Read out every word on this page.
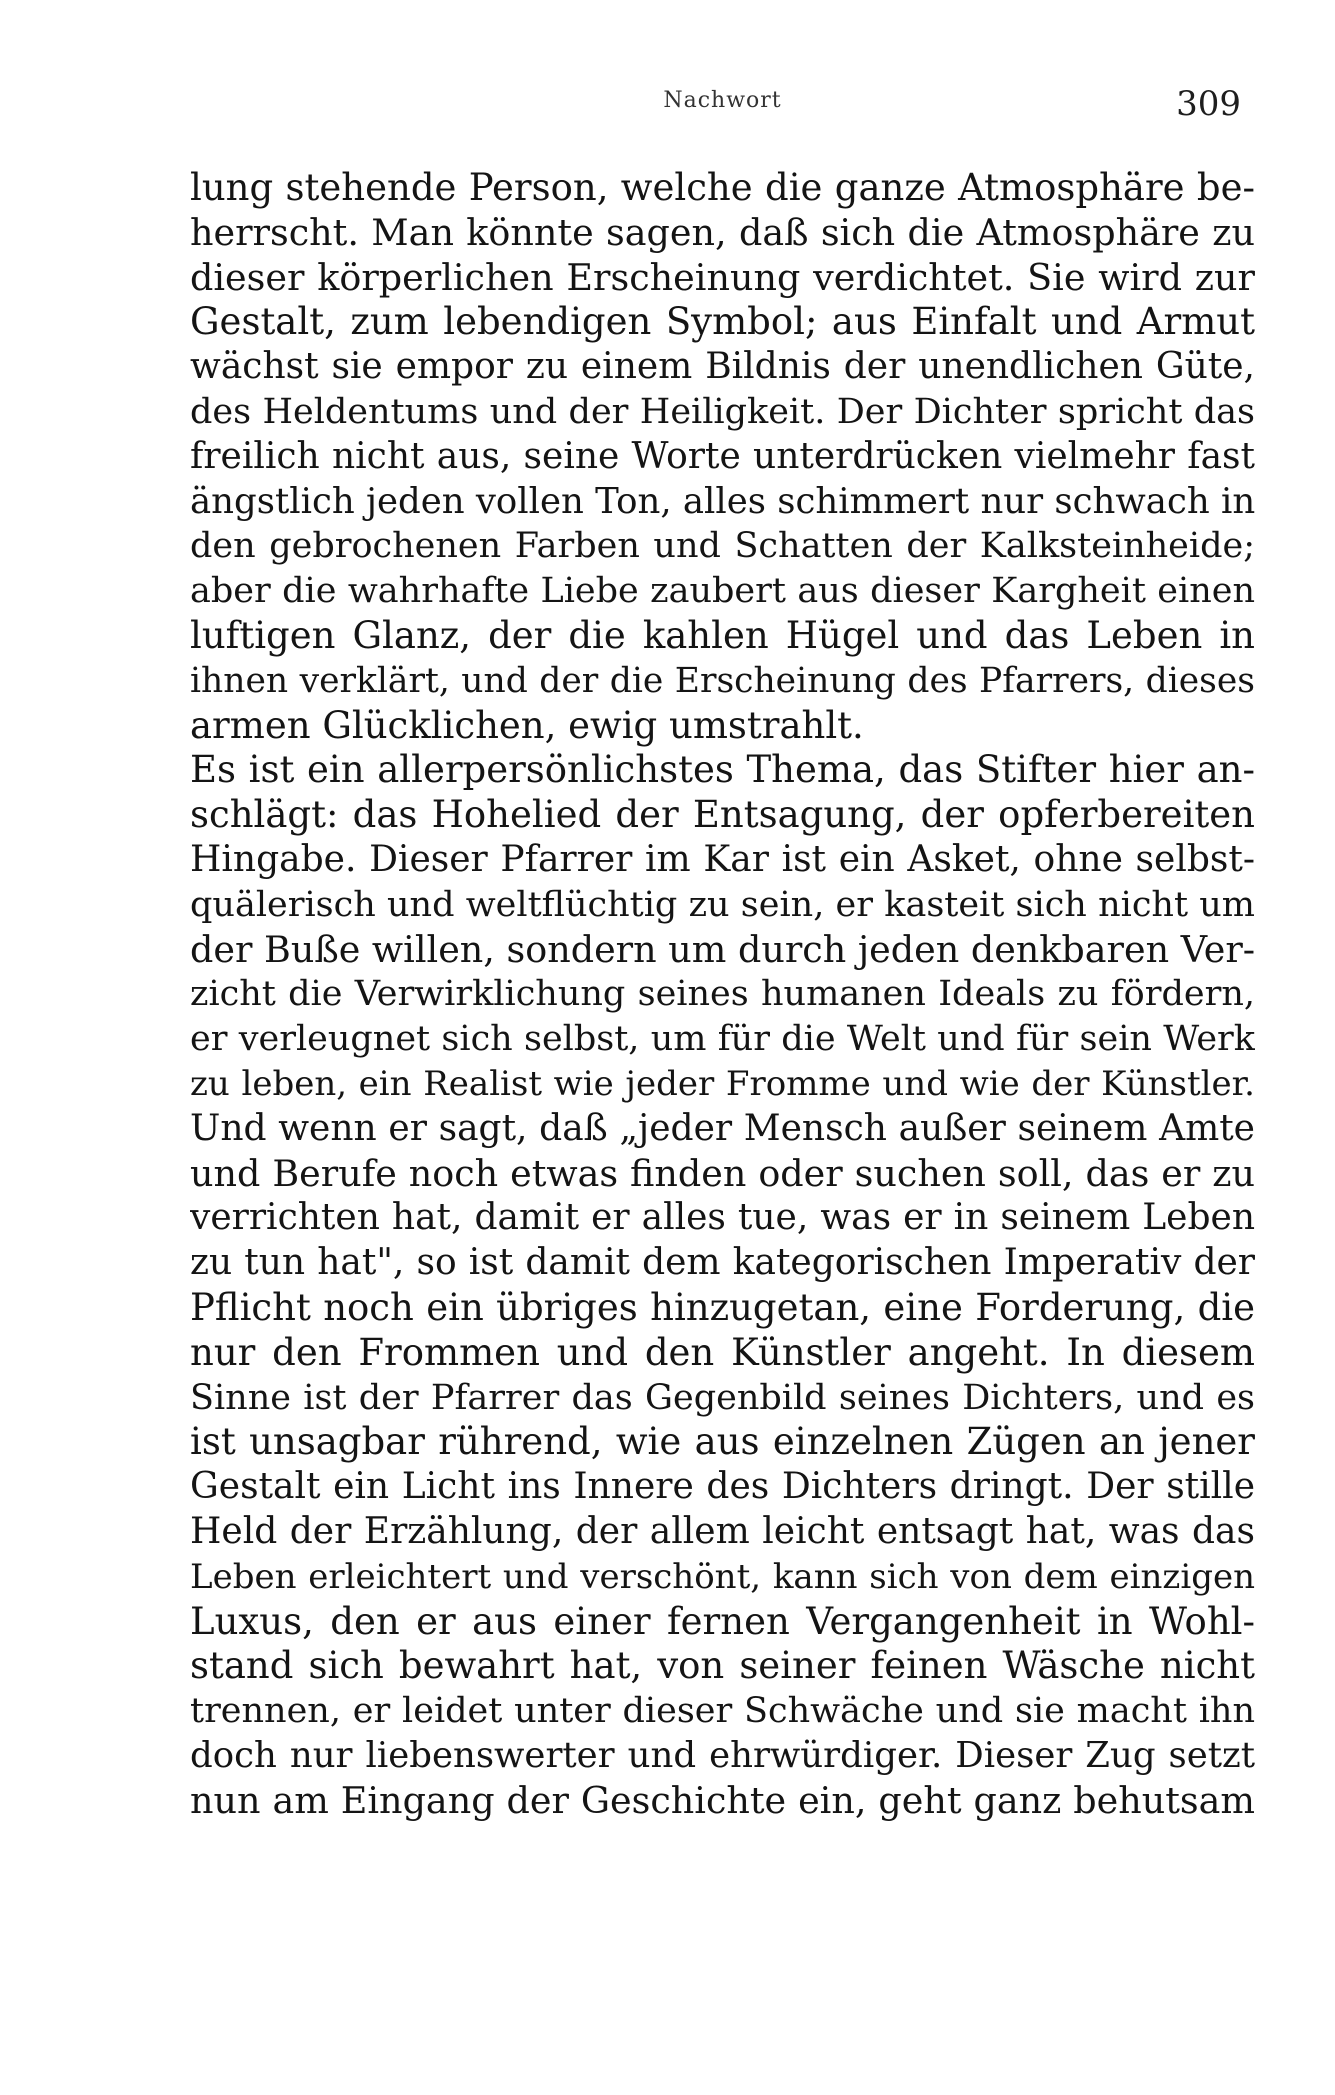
Nachwort	309
lung stehende Person, welche die ganze Atmosphäre be-
herrscht. Man könnte sagen, daß sich die Atmosphäre zu
dieser körperlichen Erscheinung verdichtet. Sie wird zur
Gestalt, zum lebendigen Symbol; aus Einfalt und Armut
wächst sie empor zu einem Bildnis der unendlichen Güte,
des Heldentums und der Heiligkeit. Der Dichter spricht das
freilich nicht aus, seine Worte unterdrücken vielmehr fast
ängstlich jeden vollen Ton, alles schimmert nur schwach in
den gebrochenen Farben und Schatten der Kalksteinheide;
aber die wahrhafte Liebe zaubert aus dieser Kargheit einen
luftigen Glanz, der die kahlen Hügel und das Leben in
ihnen verklärt, und der die Erscheinung des Pfarrers, dieses
armen Glücklichen, ewig umstrahlt.
Es ist ein allerpersönlichstes Thema, das Stifter hier an-
schlägt: das Hohelied der Entsagung, der opferbereiten
Hingabe. Dieser Pfarrer im Kar ist ein Asket, ohne selbst-
quälerisch und weltflüchtig zu sein, er kasteit sich nicht um
der Buße willen, sondern um durch jeden denkbaren Ver-
zicht die Verwirklichung seines humanen Ideals zu fördern,
er verleugnet sich selbst, um für die Welt und für sein Werk
zu leben, ein Realist wie jeder Fromme und wie der Künstler.
Und wenn er sagt, daß „jeder Mensch außer seinem Amte
und Berufe noch etwas finden oder suchen soll, das er zu
verrichten hat, damit er alles tue, was er in seinem Leben
zu tun hat", so ist damit dem kategorischen Imperativ der
Pflicht noch ein übriges hinzugetan, eine Forderung, die
nur den Frommen und den Künstler angeht. In diesem
Sinne ist der Pfarrer das Gegenbild seines Dichters, und es
ist unsagbar rührend, wie aus einzelnen Zügen an jener
Gestalt ein Licht ins Innere des Dichters dringt. Der stille
Held der Erzählung, der allem leicht entsagt hat, was das
Leben erleichtert und verschönt, kann sich von dem einzigen
Luxus, den er aus einer fernen Vergangenheit in Wohl-
stand sich bewahrt hat, von seiner feinen Wäsche nicht
trennen, er leidet unter dieser Schwäche und sie macht ihn
doch nur liebenswerter und ehrwürdiger. Dieser Zug setzt
nun am Eingang der Geschichte ein, geht ganz behutsam
